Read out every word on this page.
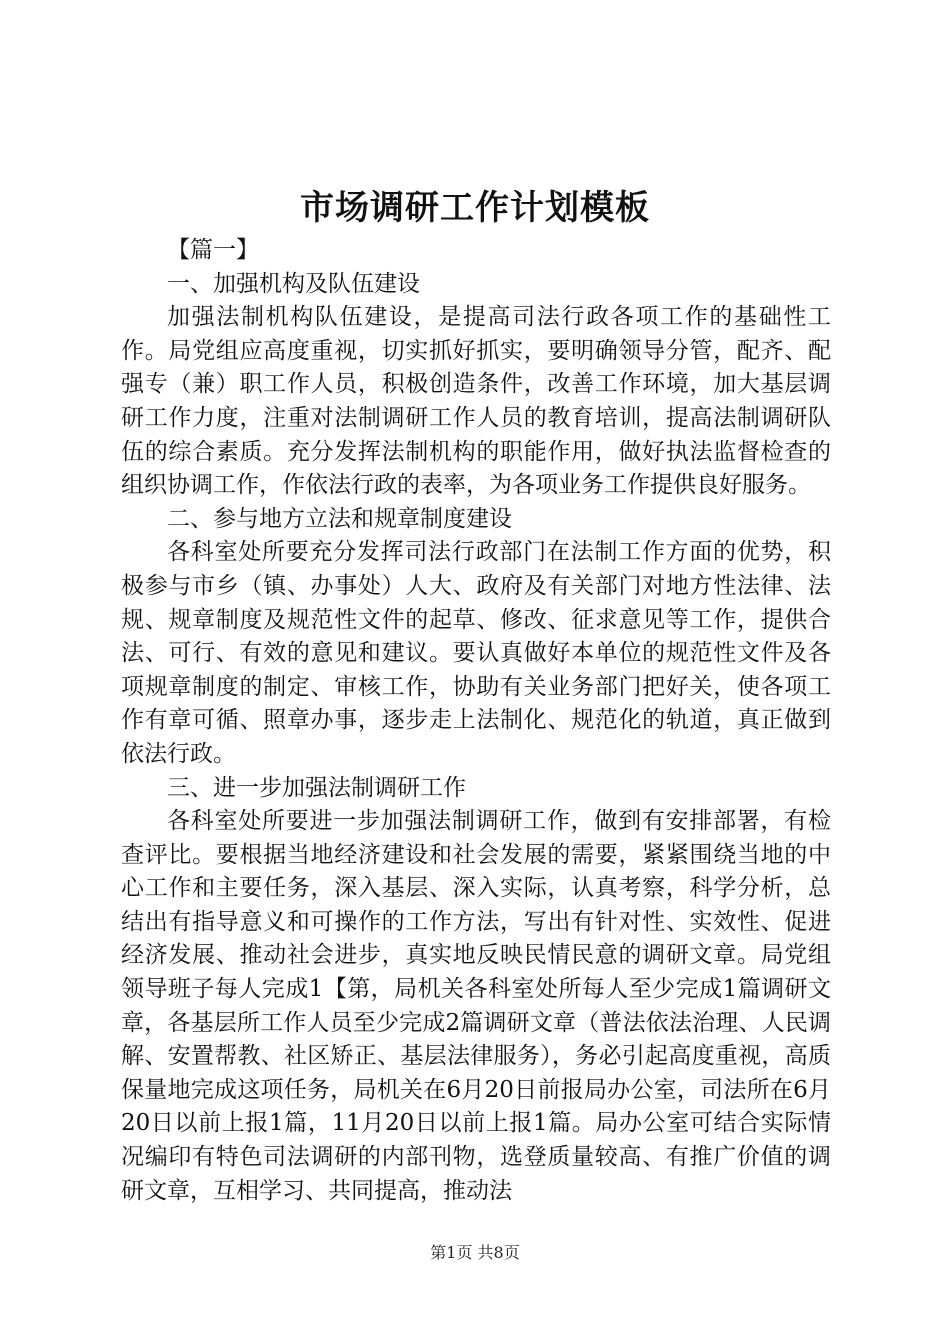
市场调研工作计划模板

【篇一】

一、加强机构及队伍建设

加强法制机构队伍建设，是提高司法行政各项工作的基础性工作。局党组应高度重视，切实抓好抓实，要明确领导分管，配齐、配强专（兼）职工作人员，积极创造条件，改善工作环境，加大基层调研工作力度，注重对法制调研工作人员的教育培训，提高法制调研队伍的综合素质。充分发挥法制机构的职能作用，做好执法监督检查的组织协调工作，作依法行政的表率，为各项业务工作提供良好服务。

二、参与地方立法和规章制度建设

各科室处所要充分发挥司法行政部门在法制工作方面的优势，积极参与市乡（镇、办事处）人大、政府及有关部门对地方性法律、法规、规章制度及规范性文件的起草、修改、征求意见等工作，提供合法、可行、有效的意见和建议。要认真做好本单位的规范性文件及各项规章制度的制定、审核工作，协助有关业务部门把好关，使各项工作有章可循、照章办事，逐步走上法制化、规范化的轨道，真正做到依法行政。

三、进一步加强法制调研工作

各科室处所要进一步加强法制调研工作，做到有安排部署，有检查评比。要根据当地经济建设和社会发展的需要，紧紧围绕当地的中心工作和主要任务，深入基层、深入实际，认真考察，科学分析，总结出有指导意义和可操作的工作方法，写出有针对性、实效性、促进经济发展、推动社会进步，真实地反映民情民意的调研文章。局党组领导班子每人完成1【第，局机关各科室处所每人至少完成1篇调研文章，各基层所工作人员至少完成2篇调研文章（普法依法治理、人民调解、安置帮教、社区矫正、基层法律服务），务必引起高度重视，高质保量地完成这项任务，局机关在6月20日前报局办公室，司法所在6月20日以前上报1篇，11月20日以前上报1篇。局办公室可结合实际情况编印有特色司法调研的内部刊物，选登质量较高、有推广价值的调研文章，互相学习、共同提高，推动法

第1页 共8页
